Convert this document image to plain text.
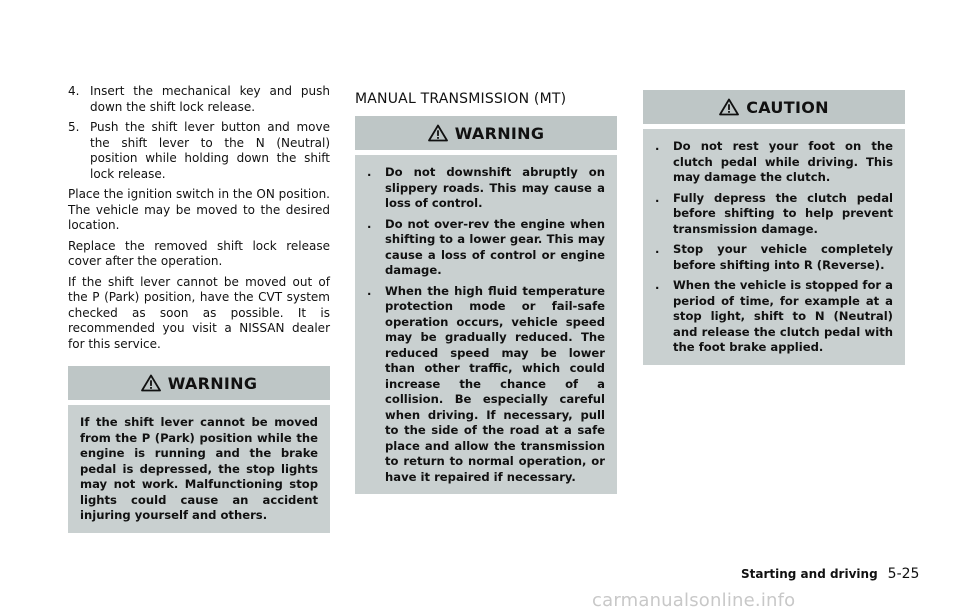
4. Insert the mechanical key and push down the shift lock release.
5. Push the shift lever button and move the shift lever to the N (Neutral) position while holding down the shift lock release.

Place the ignition switch in the ON position. The vehicle may be moved to the desired location.

Replace the removed shift lock release cover after the operation.

If the shift lever cannot be moved out of the P (Park) position, have the CVT system checked as soon as possible. It is recommended you visit a NISSAN dealer for this service.

WARNING

If the shift lever cannot be moved from the P (Park) position while the engine is running and the brake pedal is depressed, the stop lights may not work. Malfunctioning stop lights could cause an accident injuring yourself and others.

MANUAL TRANSMISSION (MT)
WARNING
.	Do not downshift abruptly on slippery roads. This may cause a loss of control.
.	Do not over-rev the engine when shifting to a lower gear. This may cause a loss of control or engine damage.
.	When the high fluid temperature protection mode or fail-safe operation occurs, vehicle speed may be gradually reduced. The reduced speed may be lower than other traffic, which could increase the chance of a collision. Be especially careful when driving. If necessary, pull to the side of the road at a safe place and allow the transmission to return to normal operation, or have it repaired if necessary.
CAUTION
.	Do not rest your foot on the clutch pedal while driving. This may damage the clutch.
.	Fully depress the clutch pedal before shifting to help prevent transmission damage.
.	Stop your vehicle completely before shifting into R (Reverse).
.	When the vehicle is stopped for a period of time, for example at a stop light, shift to N (Neutral) and release the clutch pedal with the foot brake applied.
Starting and driving 5-25
carmanualsonline.info
